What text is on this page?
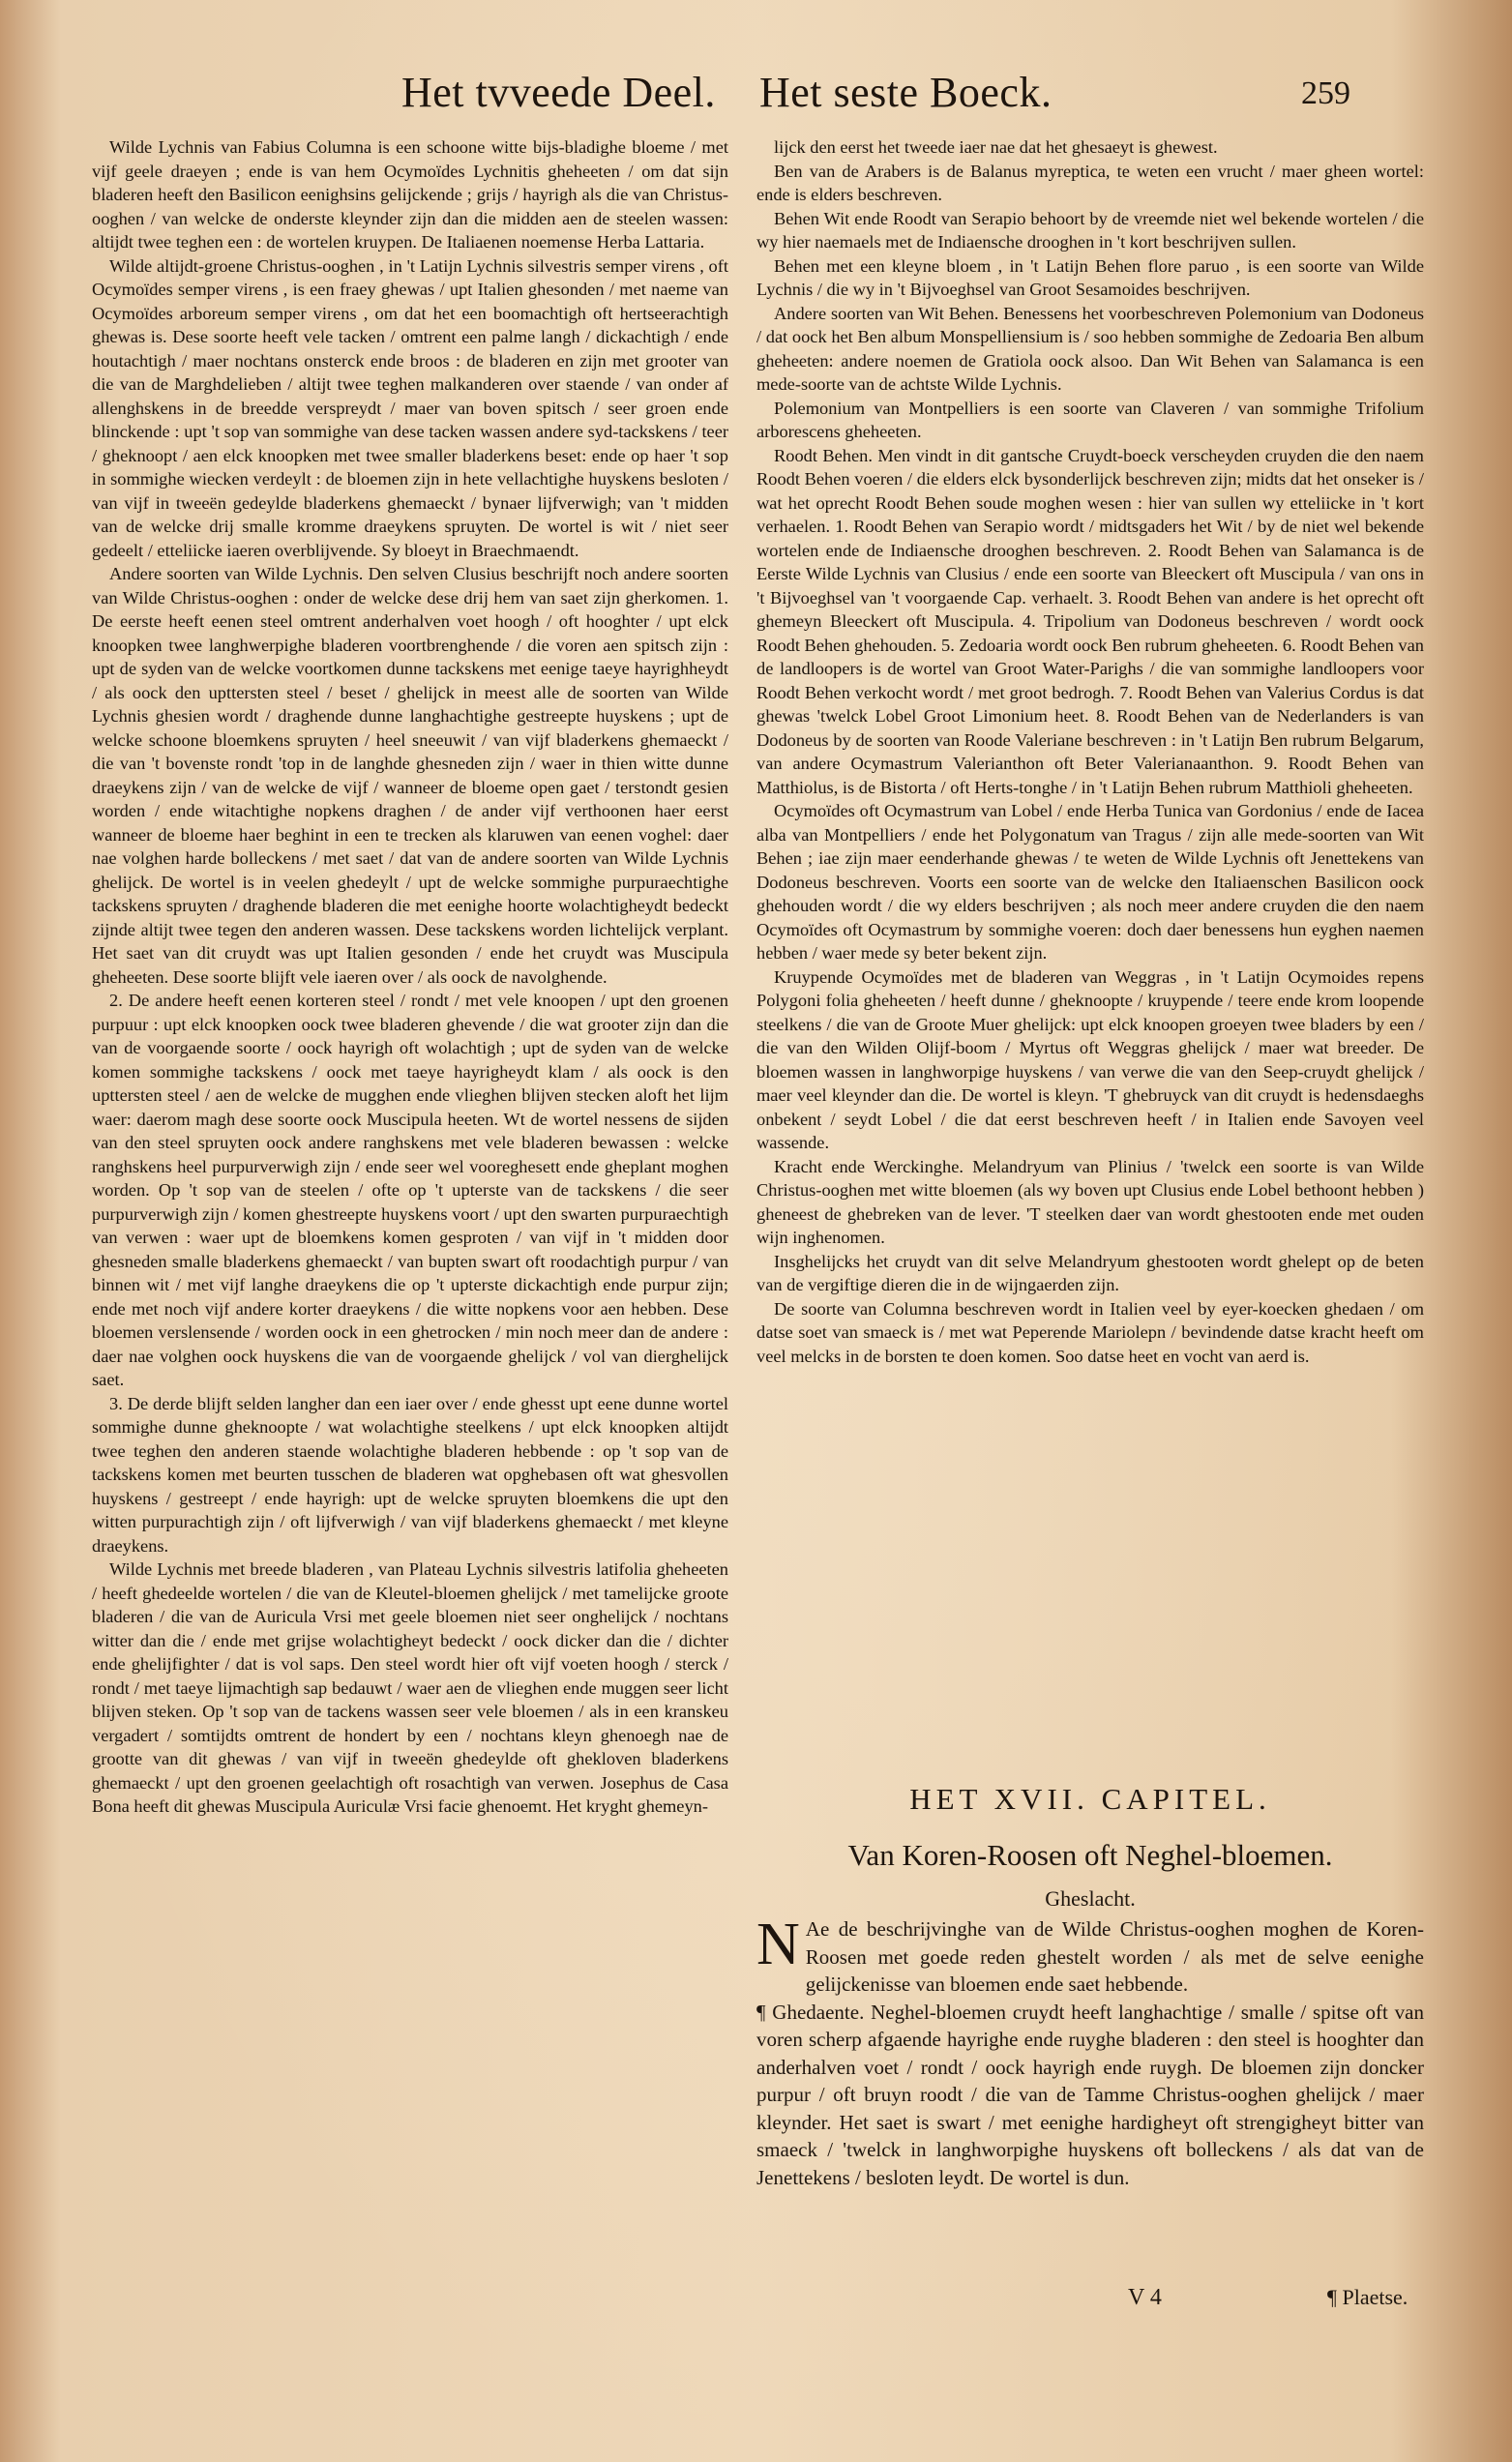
Het tvveede Deel. Het seste Boeck.	259

Wilde Lychnis van Fabius Columna is een schoone witte bijs-bladighe bloeme / met vijf geele draeyen ; ende is van hem Ocymoïdes Lychnitis gheheeten / om dat sijn bladeren heeft den Basilicon eenighsins gelijckende ; grijs / hayrigh als die van Christus-ooghen / van welcke de onderste kleynder zijn dan die midden aen de steelen wassen: altijdt twee teghen een : de wortelen kruypen. De Italiaenen noemense Herba Lattaria.

Wilde altijdt-groene Christus-ooghen , in 't Latijn Lychnis silvestris semper virens , oft Ocymoïdes semper virens , is een fraey ghewas / upt Italien ghesonden / met naeme van Ocymoïdes arboreum semper virens , om dat het een boomachtigh oft hertseerachtigh ghewas is. Dese soorte heeft vele tacken / omtrent een palme langh / dickachtigh / ende houtachtigh / maer nochtans onsterck ende broos : de bladeren en zijn met grooter van die van de Marghdelieben / altijt twee teghen malkanderen over staende / van onder af allenghskens in de breedde verspreydt / maer van boven spitsch / seer groen ende blinckende : upt 't sop van sommighe van dese tacken wassen andere syd-tackskens / teer / gheknoopt / aen elck knoopken met twee smaller bladerkens beset: ende op haer 't sop in sommighe wiecken verdeylt : de bloemen zijn in hete vellachtighe huyskens besloten / van vijf in tweeën gedeylde bladerkens ghemaeckt / bynaer lijfverwigh; van 't midden van de welcke drij smalle kromme draeykens spruyten. De wortel is wit / niet seer gedeelt / etteliicke iaeren overblijvende. Sy bloeyt in Braechmaendt.

Andere soorten van Wilde Lychnis. Den selven Clusius beschrijft noch andere soorten van Wilde Christus-ooghen : onder de welcke dese drij hem van saet zijn gherkomen. 1. De eerste heeft eenen steel omtrent anderhalven voet hoogh / oft hooghter / upt elck knoopken twee langhwerpighe bladeren voortbrenghende / die voren aen spitsch zijn : upt de syden van de welcke voortkomen dunne tackskens met eenige taeye hayrighheydt / als oock den upttersten steel / beset / ghelijck in meest alle de soorten van Wilde Lychnis ghesien wordt / draghende dunne langhachtighe gestreepte huyskens ; upt de welcke schoone bloemkens spruyten / heel sneeuwit / van vijf bladerkens ghemaeckt / die van 't bovenste rondt 'top in de langhde ghesneden zijn / waer in thien witte dunne draeykens zijn / van de welcke de vijf / wanneer de bloeme open gaet / terstondt gesien worden / ende witachtighe nopkens draghen / de ander vijf verthoonen haer eerst wanneer de bloeme haer beghint in een te trecken als klaruwen van eenen voghel: daer nae volghen harde bolleckens / met saet / dat van de andere soorten van Wilde Lychnis ghelijck. De wortel is in veelen ghedeylt / upt de welcke sommighe purpuraechtighe tackskens spruyten / draghende bladeren die met eenighe hoorte wolachtigheydt bedeckt zijnde altijt twee tegen den anderen wassen. Dese tackskens worden lichtelijck verplant. Het saet van dit cruydt was upt Italien gesonden / ende het cruydt was Muscipula gheheeten. Dese soorte blijft vele iaeren over / als oock de navolghende.

2. De andere heeft eenen korteren steel / rondt / met vele knoopen / upt den groenen purpuur : upt elck knoopken oock twee bladeren ghevende / die wat grooter zijn dan die van de voorgaende soorte / oock hayrigh oft wolachtigh ; upt de syden van de welcke komen sommighe tackskens / oock met taeye hayrigheydt klam / als oock is den upttersten steel / aen de welcke de mugghen ende vlieghen blijven stecken aloft het lijm waer: daerom magh dese soorte oock Muscipula heeten. Wt de wortel nessens de sijden van den steel spruyten oock andere ranghskens met vele bladeren bewassen : welcke ranghskens heel purpurverwigh zijn / ende seer wel vooreghesett ende gheplant moghen worden. Op 't sop van de steelen / ofte op 't upterste van de tackskens / die seer purpurverwigh zijn / komen ghestreepte huyskens voort / upt den swarten purpuraechtigh van verwen : waer upt de bloemkens komen gesproten / van vijf in 't midden door ghesneden smalle bladerkens ghemaeckt / van bupten swart oft roodachtigh purpur / van binnen wit / met vijf langhe draeykens die op 't upterste dickachtigh ende purpur zijn; ende met noch vijf andere korter draeykens / die witte nopkens voor aen hebben. Dese bloemen verslensende / worden oock in een ghetrocken / min noch meer dan de andere : daer nae volghen oock huyskens die van de voorgaende ghelijck / vol van dierghelijck saet.

3. De derde blijft selden langher dan een iaer over / ende ghesst upt eene dunne wortel sommighe dunne gheknoopte / wat wolachtighe steelkens / upt elck knoopken altijdt twee teghen den anderen staende wolachtighe bladeren hebbende : op 't sop van de tackskens komen met beurten tusschen de bladeren wat opghebasen oft wat ghesvollen huyskens / gestreept / ende hayrigh: upt de welcke spruyten bloemkens die upt den witten purpurachtigh zijn / oft lijfverwigh / van vijf bladerkens ghemaeckt / met kleyne draeykens.

Wilde Lychnis met breede bladeren , van Plateau Lychnis silvestris latifolia gheheeten / heeft ghedeelde wortelen / die van de Kleutel-bloemen ghelijck / met tamelijcke groote bladeren / die van de Auricula Vrsi met geele bloemen niet seer onghelijck / nochtans witter dan die / ende met grijse wolachtigheyt bedeckt / oock dicker dan die / dichter ende ghelijfighter / dat is vol saps. Den steel wordt hier oft vijf voeten hoogh / sterck / rondt / met taeye lijmachtigh sap bedauwt / waer aen de vlieghen ende muggen seer licht blijven steken. Op 't sop van de tackens wassen seer vele bloemen / als in een kranskeu vergadert / somtijdts omtrent de hondert by een / nochtans kleyn ghenoegh nae de grootte van dit ghewas / van vijf in tweeën ghedeylde oft ghekloven bladerkens ghemaeckt / upt den groenen geelachtigh oft rosachtigh van verwen. Josephus de Casa Bona heeft dit ghewas Muscipula Auriculæ Vrsi facie ghenoemt. Het kryght ghemeyn-

lijck den eerst het tweede iaer nae dat het ghesaeyt is ghewest.

Ben van de Arabers is de Balanus myreptica, te weten een vrucht / maer gheen wortel: ende is elders beschreven.

Behen Wit ende Roodt van Serapio behoort by de vreemde niet wel bekende wortelen / die wy hier naemaels met de Indiaensche drooghen in 't kort beschrijven sullen.

Behen met een kleyne bloem , in 't Latijn Behen flore paruo , is een soorte van Wilde Lychnis / die wy in 't Bijvoeghsel van Groot Sesamoides beschrijven.

Andere soorten van Wit Behen. Benessens het voorbeschreven Polemonium van Dodoneus / dat oock het Ben album Monspelliensium is / soo hebben sommighe de Zedoaria Ben album gheheeten: andere noemen de Gratiola oock alsoo. Dan Wit Behen van Salamanca is een mede-soorte van de achtste Wilde Lychnis.

Polemonium van Montpelliers is een soorte van Claveren / van sommighe Trifolium arborescens gheheeten.

Roodt Behen. Men vindt in dit gantsche Cruydt-boeck verscheyden cruyden die den naem Roodt Behen voeren / die elders elck bysonderlijck beschreven zijn; midts dat het onseker is / wat het oprecht Roodt Behen soude moghen wesen : hier van sullen wy etteliicke in 't kort verhaelen. 1. Roodt Behen van Serapio wordt / midtsgaders het Wit / by de niet wel bekende wortelen ende de Indiaensche drooghen beschreven. 2. Roodt Behen van Salamanca is de Eerste Wilde Lychnis van Clusius / ende een soorte van Bleeckert oft Muscipula / van ons in 't Bijvoeghsel van 't voorgaende Cap. verhaelt. 3. Roodt Behen van andere is het oprecht oft ghemeyn Bleeckert oft Muscipula. 4. Tripolium van Dodoneus beschreven / wordt oock Roodt Behen ghehouden. 5. Zedoaria wordt oock Ben rubrum gheheeten. 6. Roodt Behen van de landloopers is de wortel van Groot Water-Parighs / die van sommighe landloopers voor Roodt Behen verkocht wordt / met groot bedrogh. 7. Roodt Behen van Valerius Cordus is dat ghewas 'twelck Lobel Groot Limonium heet. 8. Roodt Behen van de Nederlanders is van Dodoneus by de soorten van Roode Valeriane beschreven : in 't Latijn Ben rubrum Belgarum, van andere Ocymastrum Valerianthon oft Beter Valerianaanthon. 9. Roodt Behen van Matthiolus, is de Bistorta / oft Herts-tonghe / in 't Latijn Behen rubrum Matthioli gheheeten.

Ocymoïdes oft Ocymastrum van Lobel / ende Herba Tunica van Gordonius / ende de Iacea alba van Montpelliers / ende het Polygonatum van Tragus / zijn alle mede-soorten van Wit Behen ; iae zijn maer eenderhande ghewas / te weten de Wilde Lychnis oft Jenettekens van Dodoneus beschreven. Voorts een soorte van de welcke den Italiaenschen Basilicon oock ghehouden wordt / die wy elders beschrijven ; als noch meer andere cruyden die den naem Ocymoïdes oft Ocymastrum by sommighe voeren: doch daer benessens hun eyghen naemen hebben / waer mede sy beter bekent zijn.

Kruypende Ocymoïdes met de bladeren van Weggras , in 't Latijn Ocymoides repens Polygoni folia gheheeten / heeft dunne / gheknoopte / kruypende / teere ende krom loopende steelkens / die van de Groote Muer ghelijck: upt elck knoopen groeyen twee bladers by een / die van den Wilden Olijf-boom / Myrtus oft Weggras ghelijck / maer wat breeder. De bloemen wassen in langhworpige huyskens / van verwe die van den Seep-cruydt ghelijck / maer veel kleynder dan die. De wortel is kleyn. 'T ghebruyck van dit cruydt is hedensdaeghs onbekent / seydt Lobel / die dat eerst beschreven heeft / in Italien ende Savoyen veel wassende.

Kracht ende Werckinghe. Melandryum van Plinius / 'twelck een soorte is van Wilde Christus-ooghen met witte bloemen (als wy boven upt Clusius ende Lobel bethoont hebben ) gheneest de ghebreken van de lever. 'T steelken daer van wordt ghestooten ende met ouden wijn inghenomen.

Insghelijcks het cruydt van dit selve Melandryum ghestooten wordt ghelept op de beten van de vergiftige dieren die in de wijngaerden zijn.

De soorte van Columna beschreven wordt in Italien veel by eyer-koecken ghedaen / om datse soet van smaeck is / met wat Peperende Mariolepn / bevindende datse kracht heeft om veel melcks in de borsten te doen komen. Soo datse heet en vocht van aerd is.

HET XVII. CAPITEL.
Van Koren-Roosen oft Neghel-bloemen.
Gheslacht.

N Ae de beschrijvinghe van de Wilde Christus-ooghen moghen de Koren-Roosen met goede reden ghestelt worden / als met de selve eenighe gelijckenisse van bloemen ende saet hebbende.

¶ Ghedaente. Neghel-bloemen cruydt heeft langhachtige / smalle / spitse oft van voren scherp afgaende hayrighe ende ruyghe bladeren : den steel is hooghter dan anderhalven voet / rondt / oock hayrigh ende ruygh. De bloemen zijn doncker purpur / oft bruyn roodt / die van de Tamme Christus-ooghen ghelijck / maer kleynder. Het saet is swart / met eenighe hardigheyt oft strengigheyt bitter van smaeck / 'twelck in langhworpighe huyskens oft bolleckens / als dat van de Jenettekens / besloten leydt. De wortel is dun.

V 4	¶ Plaetse.
